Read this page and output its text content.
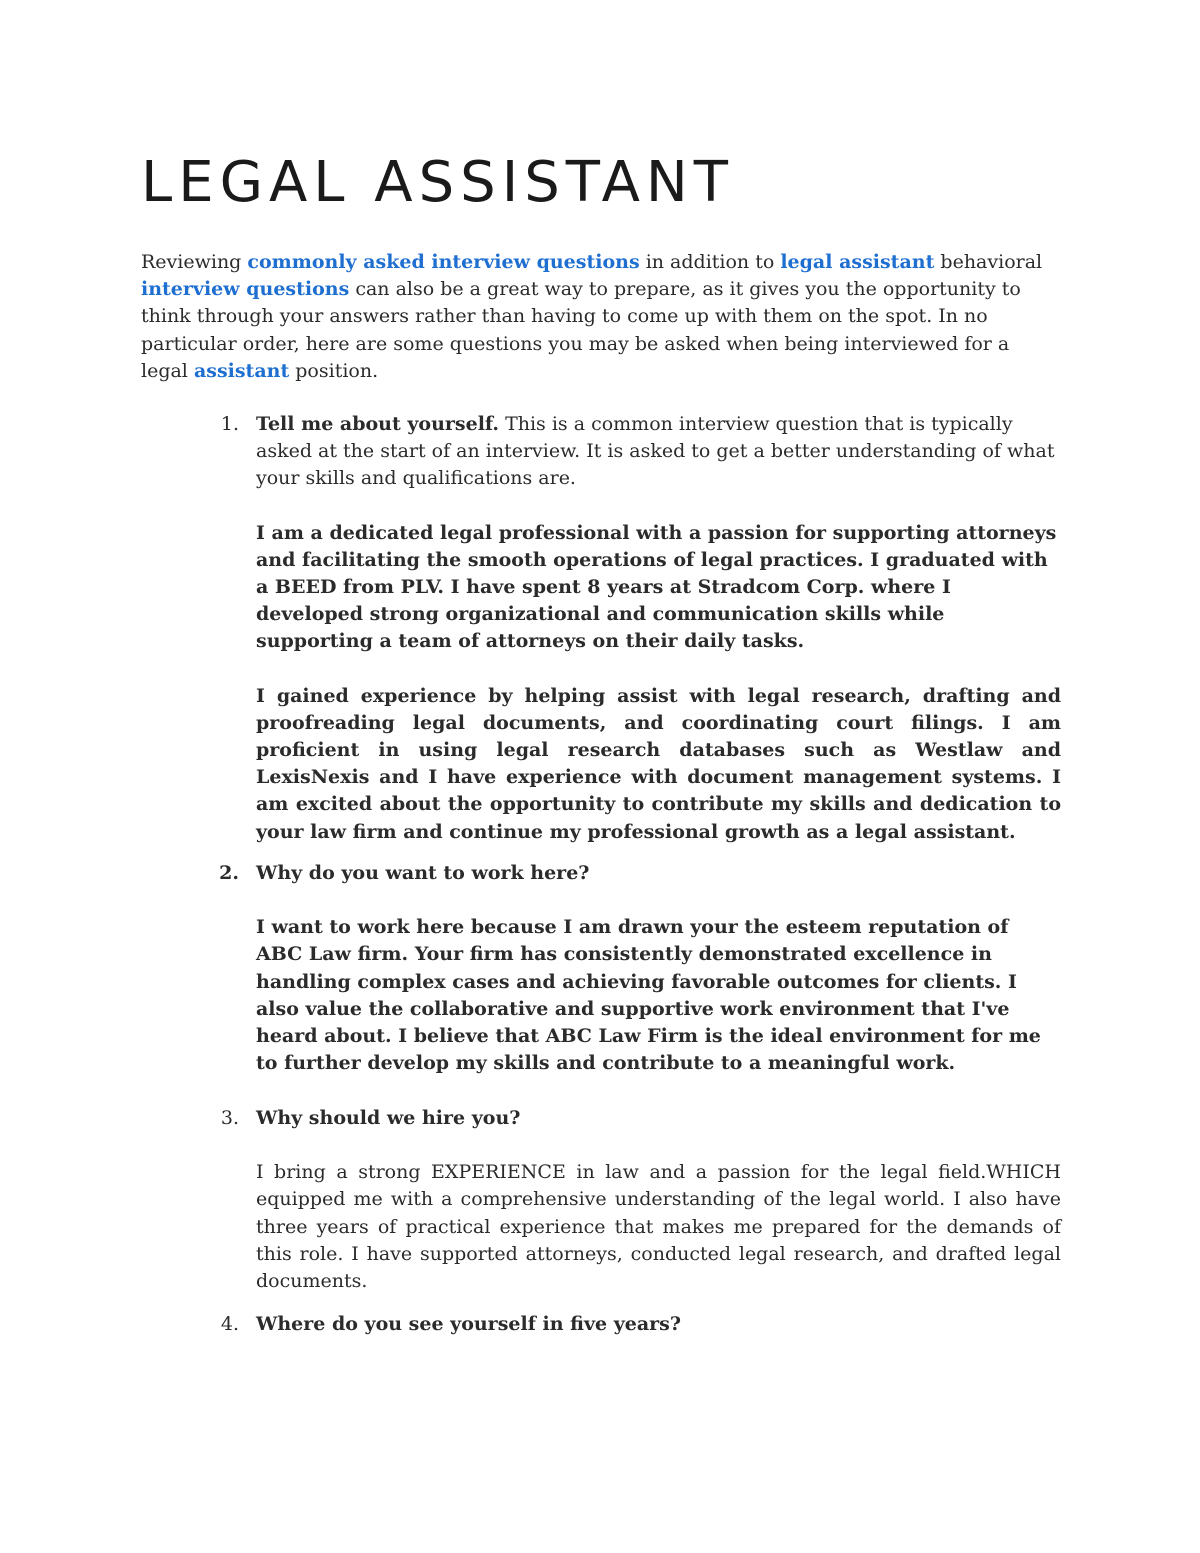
LEGAL ASSISTANT

Reviewing commonly asked interview questions in addition to legal assistant behavioral interview questions can also be a great way to prepare, as it gives you the opportunity to think through your answers rather than having to come up with them on the spot. In no particular order, here are some questions you may be asked when being interviewed for a legal assistant position.

1. Tell me about yourself. This is a common interview question that is typically asked at the start of an interview. It is asked to get a better understanding of what your skills and qualifications are.

I am a dedicated legal professional with a passion for supporting attorneys and facilitating the smooth operations of legal practices. I graduated with a BEED from PLV. I have spent 8 years at Stradcom Corp. where I developed strong organizational and communication skills while supporting a team of attorneys on their daily tasks.

I gained experience by helping assist with legal research, drafting and proofreading legal documents, and coordinating court filings. I am proficient in using legal research databases such as Westlaw and LexisNexis and I have experience with document management systems. I am excited about the opportunity to contribute my skills and dedication to your law firm and continue my professional growth as a legal assistant.

2. Why do you want to work here?

I want to work here because I am drawn your the esteem reputation of ABC Law firm. Your firm has consistently demonstrated excellence in handling complex cases and achieving favorable outcomes for clients. I also value the collaborative and supportive work environment that I've heard about. I believe that ABC Law Firm is the ideal environment for me to further develop my skills and contribute to a meaningful work.

3. Why should we hire you?

I bring a strong EXPERIENCE in law and a passion for the legal field.WHICH equipped me with a comprehensive understanding of the legal world. I also have three years of practical experience that makes me prepared for the demands of this role. I have supported attorneys, conducted legal research, and drafted legal documents.

4. Where do you see yourself in five years?
